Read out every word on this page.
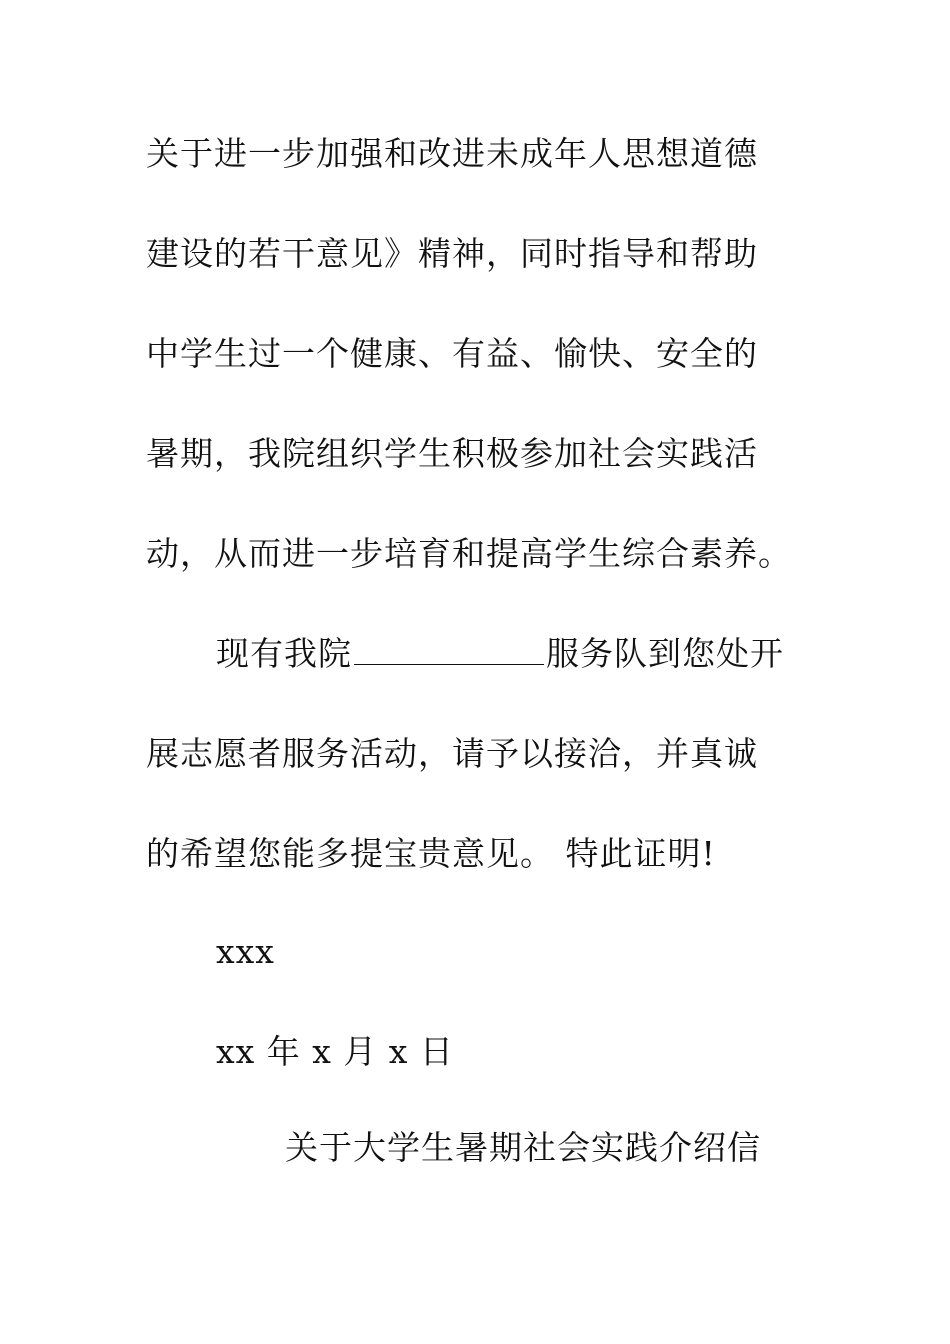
关于进一步加强和改进未成年人思想道德

建设的若干意见》精神，同时指导和帮助

中学生过一个健康、有益、愉快、安全的

暑期，我院组织学生积极参加社会实践活

动，从而进一步培育和提高学生综合素养。

现有我院	服务队到您处开

展志愿者服务活动，请予以接洽，并真诚

的希望您能多提宝贵意见。 特此证明!

xxx

xx 年 x 月 x 日

关于大学生暑期社会实践介绍信
